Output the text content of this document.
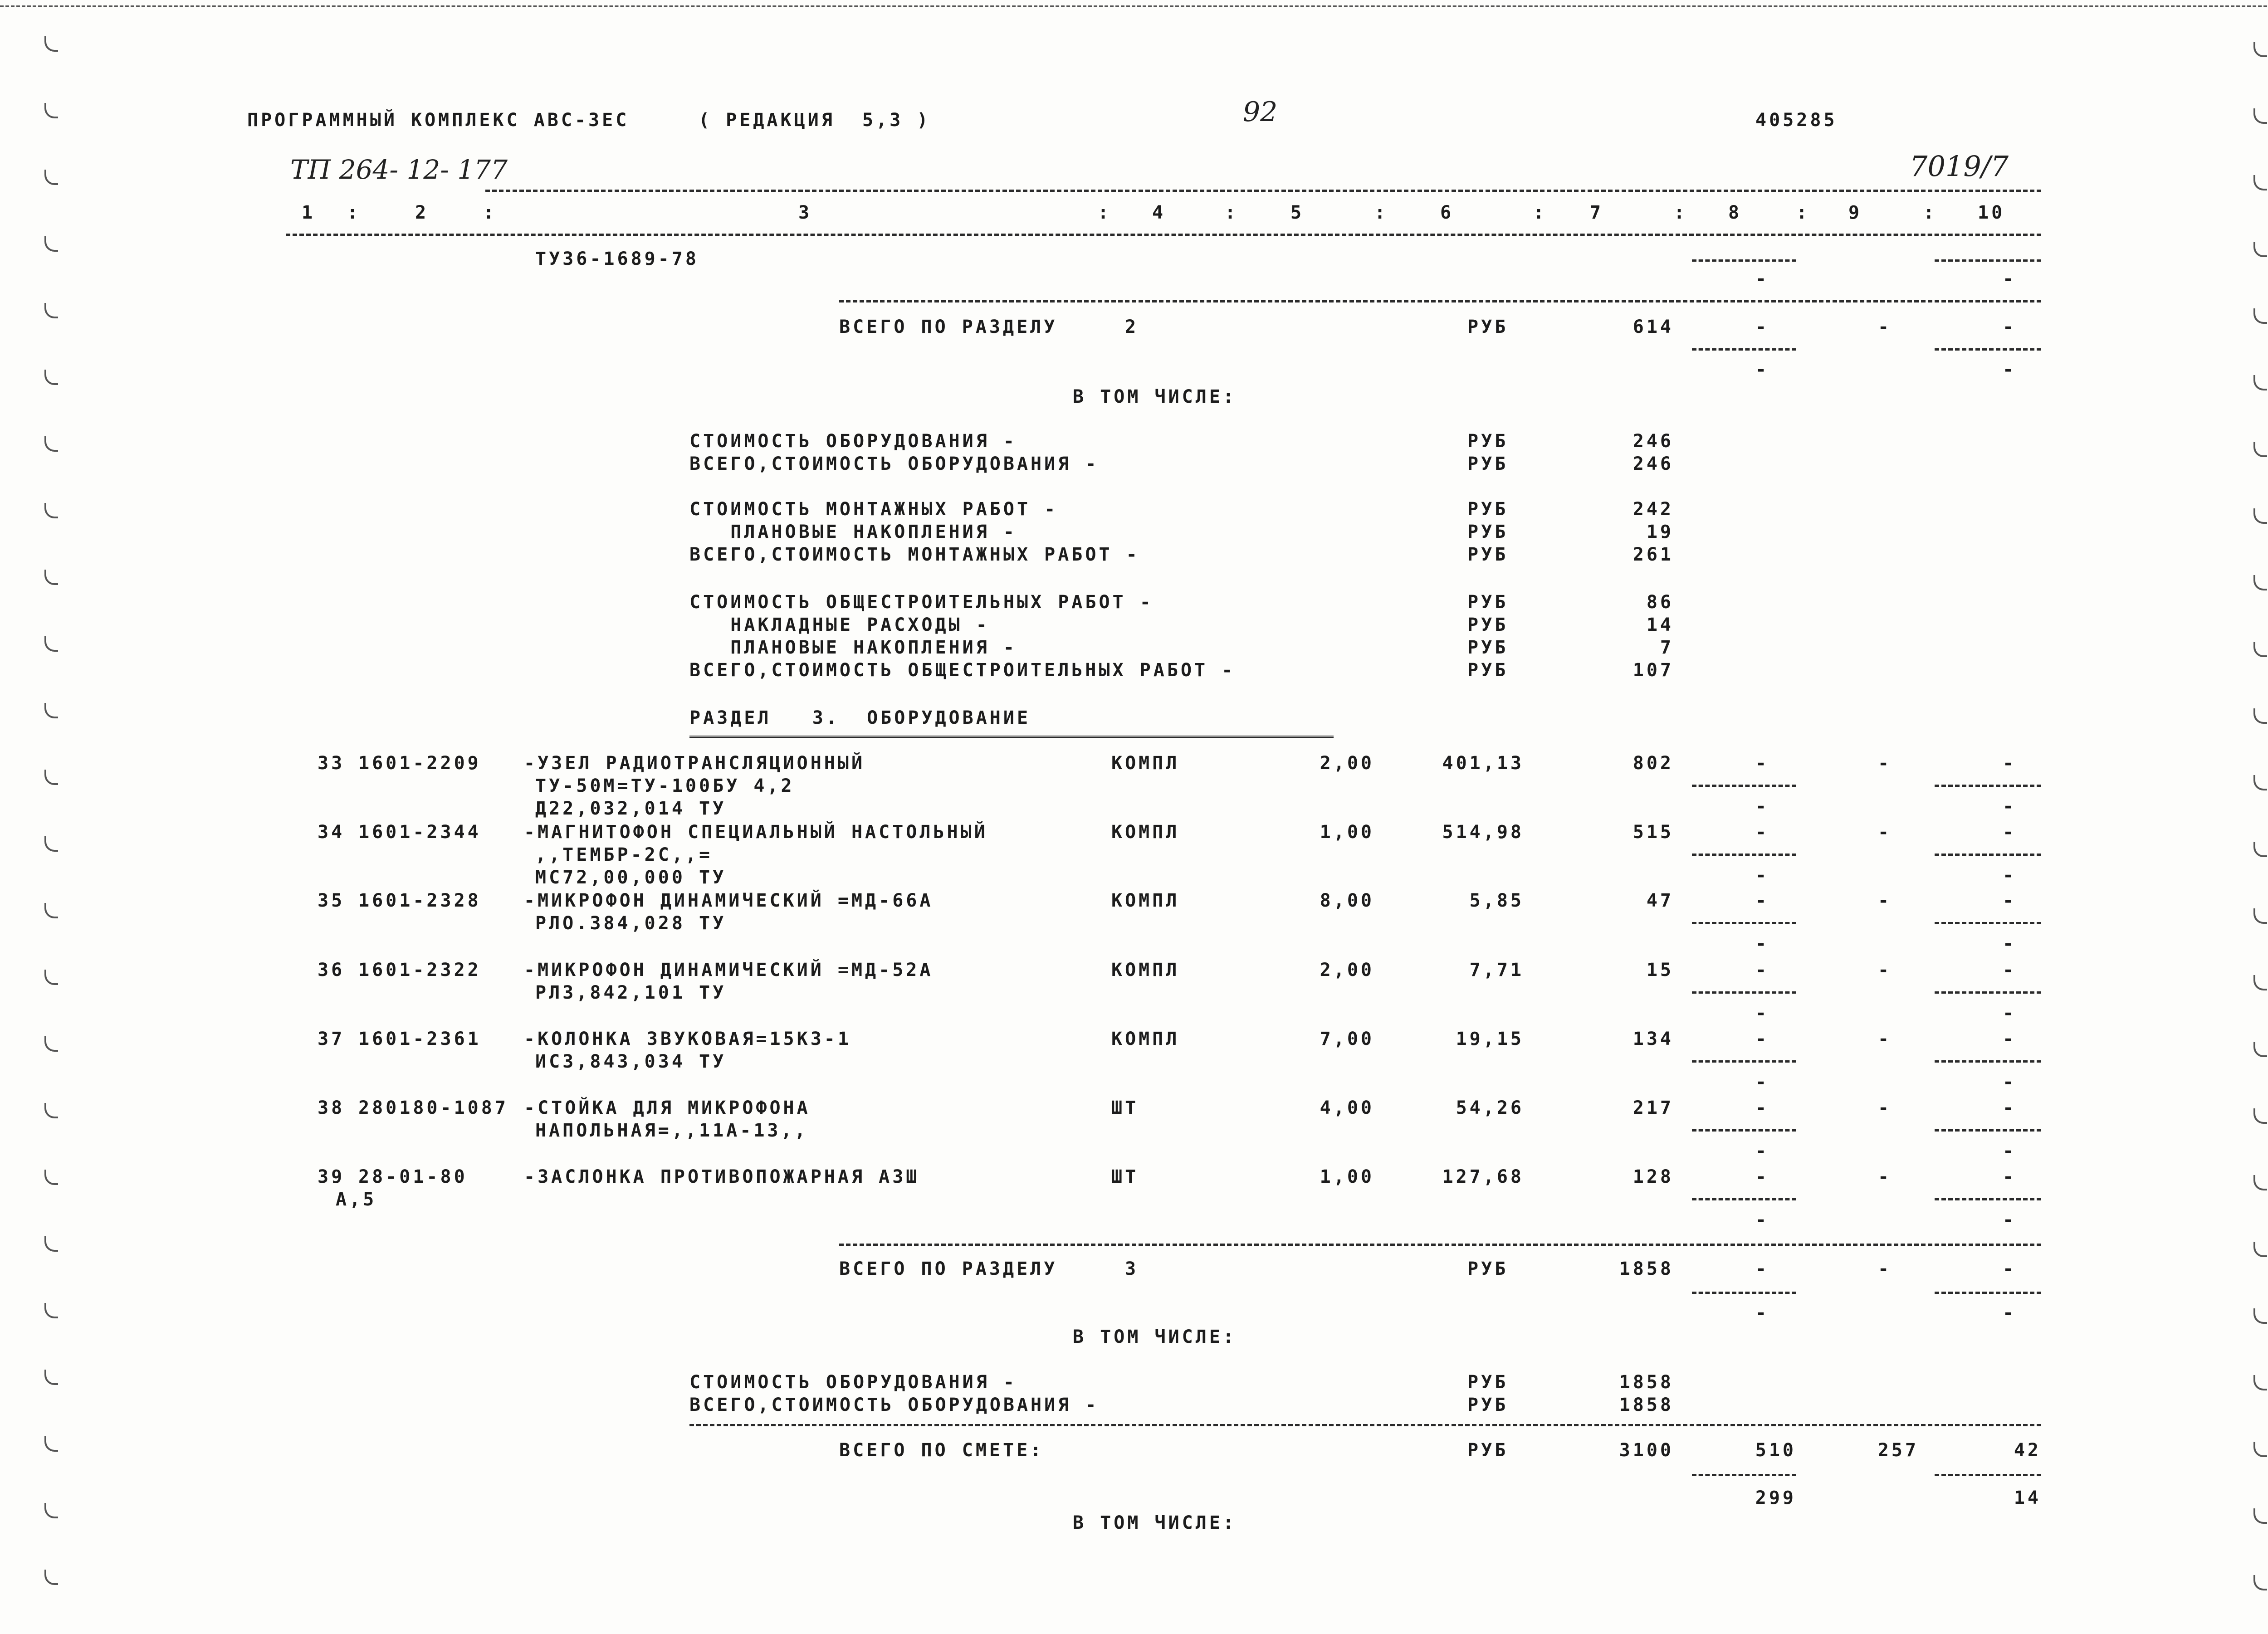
ПРОГРАММНЫЙ КОМПЛЕКС АВС-3ЕС	( РЕДАКЦИЯ  5,3 )	92	405285
ТП 264- 12- 177	7019/7
1 :	2	:	3	: 4	:	5	:	6	: 7	: 8	: 9	: 10
ТУ36-1689-78
-	-
ВСЕГО ПО РАЗДЕЛУ	2	РУБ	614	-	-	-
-	-
В ТОМ ЧИСЛЕ:
СТОИМОСТЬ ОБОРУДОВАНИЯ -	РУБ	246
ВСЕГО,СТОИМОСТЬ ОБОРУДОВАНИЯ -	РУБ	246
СТОИМОСТЬ МОНТАЖНЫХ РАБОТ -	РУБ	242
ПЛАНОВЫЕ НАКОПЛЕНИЯ -	РУБ	19
ВСЕГО,СТОИМОСТЬ МОНТАЖНЫХ РАБОТ -	РУБ	261
СТОИМОСТЬ ОБЩЕСТРОИТЕЛЬНЫХ РАБОТ -	РУБ	86
НАКЛАДНЫЕ РАСХОДЫ -	РУБ	14
ПЛАНОВЫЕ НАКОПЛЕНИЯ -	РУБ	7
ВСЕГО,СТОИМОСТЬ ОБЩЕСТРОИТЕЛЬНЫХ РАБОТ -	РУБ	107
РАЗДЕЛ   3.  ОБОРУДОВАНИЕ
33 1601-2209 -УЗЕЛ РАДИОТРАНСЛЯЦИОННЫЙ
ТУ-50М=ТУ-100БУ 4,2
Д22,032,014 ТУ
КОМПЛ	2,00	401,13	802	-	-	-
-	-
34 1601-2344 -МАГНИТОФОН СПЕЦИАЛЬНЫЙ НАСТОЛЬНЫЙ
,,ТЕМБР-2С,,=
МС72,00,000 ТУ
КОМПЛ	1,00	514,98	515	-	-	-
-	-
35 1601-2328 -МИКРОФОН ДИНАМИЧЕСКИЙ =МД-66А
РЛО.384,028 ТУ
КОМПЛ	8,00	5,85	47	-	-	-
-	-
36 1601-2322 -МИКРОФОН ДИНАМИЧЕСКИЙ =МД-52А
РЛ3,842,101 ТУ
КОМПЛ	2,00	7,71	15	-	-	-
-	-
37 1601-2361 -КОЛОНКА ЗВУКОВАЯ=15КЗ-1
ИС3,843,034 ТУ
КОМПЛ	7,00	19,15	134	-	-	-
-	-
38 280180-1087 -СТОЙКА ДЛЯ МИКРОФОНА
НАПОЛЬНАЯ=,,11А-13,,
ШТ	4,00	54,26	217	-	-	-
-	-
39 28-01-80
А,5
-ЗАСЛОНКА ПРОТИВОПОЖАРНАЯ АЗШ	ШТ	1,00	127,68	128	-	-	-
-	-
ВСЕГО ПО РАЗДЕЛУ	3	РУБ	1858	-	-	-
-	-
В ТОМ ЧИСЛЕ:
СТОИМОСТЬ ОБОРУДОВАНИЯ -	РУБ	1858
ВСЕГО,СТОИМОСТЬ ОБОРУДОВАНИЯ -	РУБ	1858
ВСЕГО ПО СМЕТЕ:	РУБ	3100	510	257	42
299	14
В ТОМ ЧИСЛЕ:
